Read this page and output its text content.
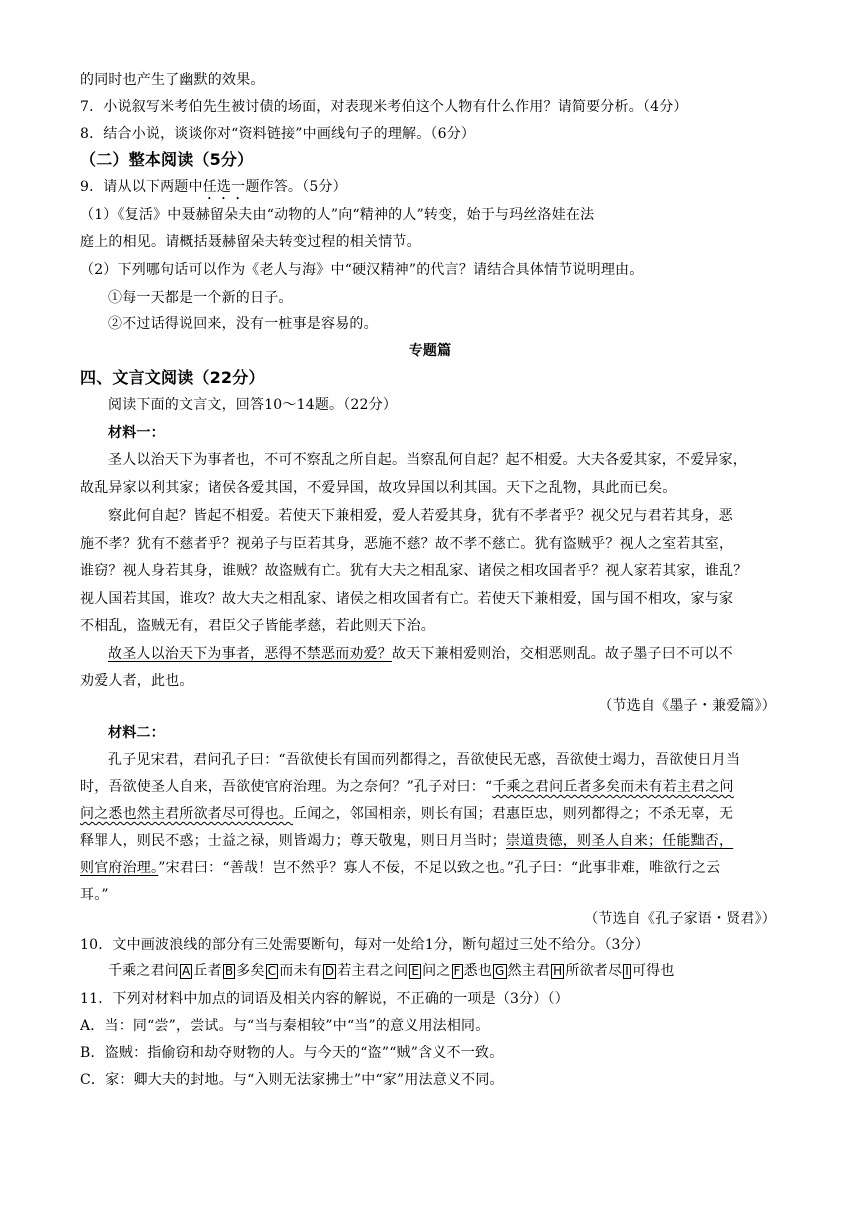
的同时也产生了幽默的效果。
7．小说叙写米考伯先生被讨债的场面，对表现米考伯这个人物有什么作用？请简要分析。（4分）
8．结合小说，谈谈你对“资料链接”中画线句子的理解。（6分）
（二）整本阅读（5分）
9．请从以下两题中任选一题作答。（5分）
（1）《复活》中聂赫留朵夫由“动物的人”向“精神的人”转变，始于与玛丝洛娃在法
庭上的相见。请概括聂赫留朵夫转变过程的相关情节。
（2）下列哪句话可以作为《老人与海》中“硬汉精神”的代言？请结合具体情节说明理由。
①每一天都是一个新的日子。
②不过话得说回来，没有一桩事是容易的。
专题篇
四、文言文阅读（22分）
阅读下面的文言文，回答10～14题。（22分）
材料一：
圣人以治天下为事者也，不可不察乱之所自起。当察乱何自起？起不相爱。大夫各爱其家，不爱异家，
故乱异家以利其家；诸侯各爱其国，不爱异国，故攻异国以利其国。天下之乱物，具此而已矣。
察此何自起？皆起不相爱。若使天下兼相爱，爱人若爱其身，犹有不孝者乎？视父兄与君若其身，恶
施不孝？犹有不慈者乎？视弟子与臣若其身，恶施不慈？故不孝不慈亡。犹有盗贼乎？视人之室若其室，
谁窃？视人身若其身，谁贼？故盗贼有亡。犹有大夫之相乱家、诸侯之相攻国者乎？视人家若其家，谁乱？
视人国若其国，谁攻？故大夫之相乱家、诸侯之相攻国者有亡。若使天下兼相爱，国与国不相攻，家与家
不相乱，盗贼无有，君臣父子皆能孝慈，若此则天下治。
故圣人以治天下为事者，恶得不禁恶而劝爱？故天下兼相爱则治，交相恶则乱。故子墨子曰不可以不
劝爱人者，此也。
（节选自《墨子・兼爱篇》）
材料二：
孔子见宋君，君问孔子曰：“吾欲使长有国而列都得之，吾欲使民无惑，吾欲使士竭力，吾欲使日月当
时，吾欲使圣人自来，吾欲使官府治理。为之奈何？”孔子对曰：“千乘之君问丘者多矣而未有若主君之问
问之悉也然主君所欲者尽可得也。丘闻之，邻国相亲，则长有国；君惠臣忠，则列都得之；不杀无辜，无
释罪人，则民不惑；士益之禄，则皆竭力；尊天敬鬼，则日月当时；崇道贵德，则圣人自来；任能黜否，
则官府治理。”宋君曰：“善哉！岂不然乎？寡人不佞，不足以致之也。”孔子曰：“此事非难，唯欲行之云
耳。”
（节选自《孔子家语・贤君》）
10．文中画波浪线的部分有三处需要断句，每对一处给1分，断句超过三处不给分。（3分）
千乘之君问 A 丘者 B 多矣 C 而未有 D 若主君之问 E 问之 F 悉也 G 然主君 H 所欲者尽 I 可得也
11．下列对材料中加点的词语及相关内容的解说，不正确的一项是（3分）（）
A．当：同“尝”，尝试。与“当与秦相较”中“当”的意义用法相同。
B．盗贼：指偷窃和劫夺财物的人。与今天的“盗”“贼”含义不一致。
C．家：卿大夫的封地。与“入则无法家拂士”中“家”用法意义不同。
